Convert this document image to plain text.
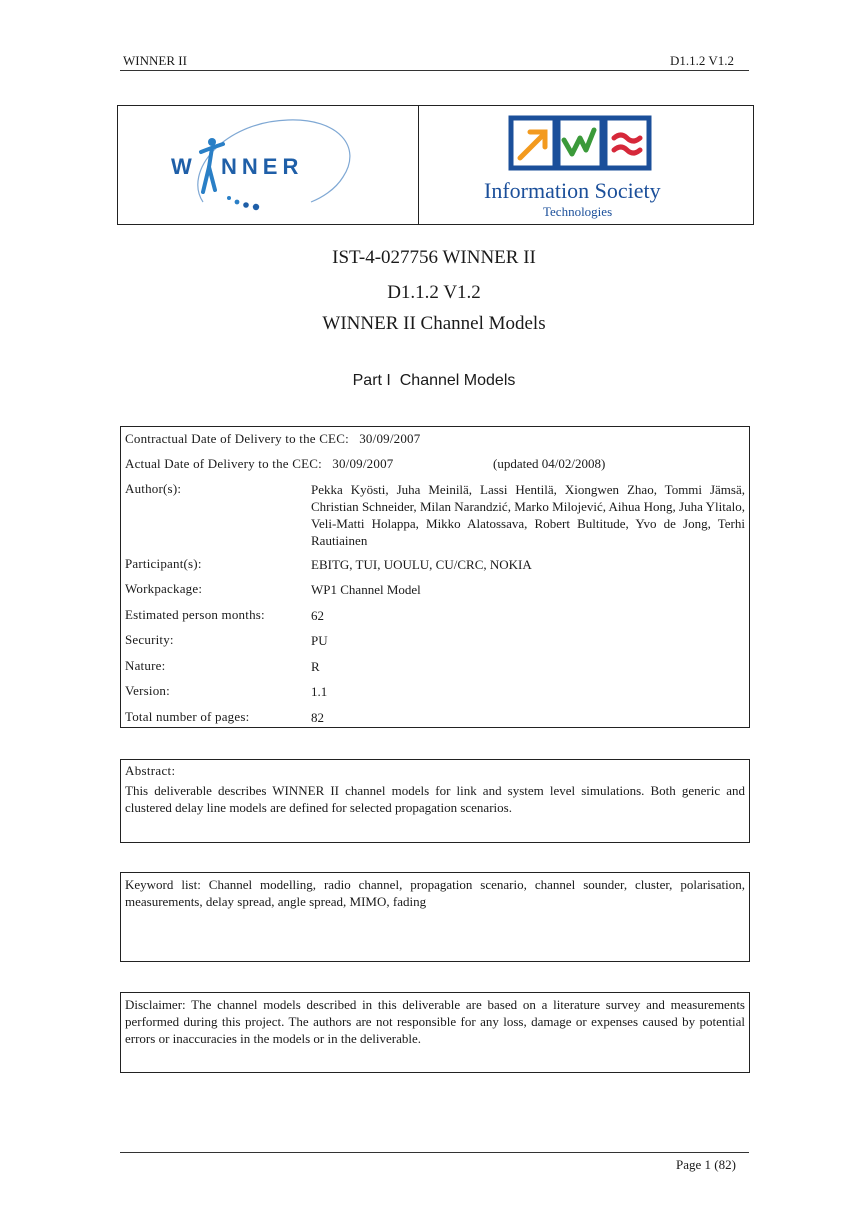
WINNER II	D1.1.2 V1.2
W NNER
Information Society
Technologies
IST-4-027756 WINNER II
D1.1.2 V1.2
WINNER II Channel Models
Part I  Channel Models
Contractual Date of Delivery to the CEC:   30/09/2007
Actual Date of Delivery to the CEC:   30/09/2007	(updated 04/02/2008)
Author(s):	Pekka Kyösti, Juha Meinilä, Lassi Hentilä, Xiongwen Zhao, Tommi Jämsä, Christian Schneider, Milan Narandzić, Marko Milojević, Aihua Hong, Juha Ylitalo, Veli-Matti Holappa, Mikko Alatossava, Robert Bultitude, Yvo de Jong, Terhi Rautiainen
Participant(s):	EBITG, TUI, UOULU, CU/CRC, NOKIA
Workpackage:	WP1 Channel Model
Estimated person months:	62
Security:	PU
Nature:	R
Version:	1.1
Total number of pages:	82
Abstract:
This deliverable describes WINNER II channel models for link and system level simulations. Both generic and clustered delay line models are defined for selected propagation scenarios.
Keyword list: Channel modelling, radio channel, propagation scenario, channel sounder, cluster, polarisation, measurements, delay spread, angle spread, MIMO, fading
Disclaimer: The channel models described in this deliverable are based on a literature survey and measurements performed during this project. The authors are not responsible for any loss, damage or expenses caused by potential errors or inaccuracies in the models or in the deliverable.
Page 1 (82)
